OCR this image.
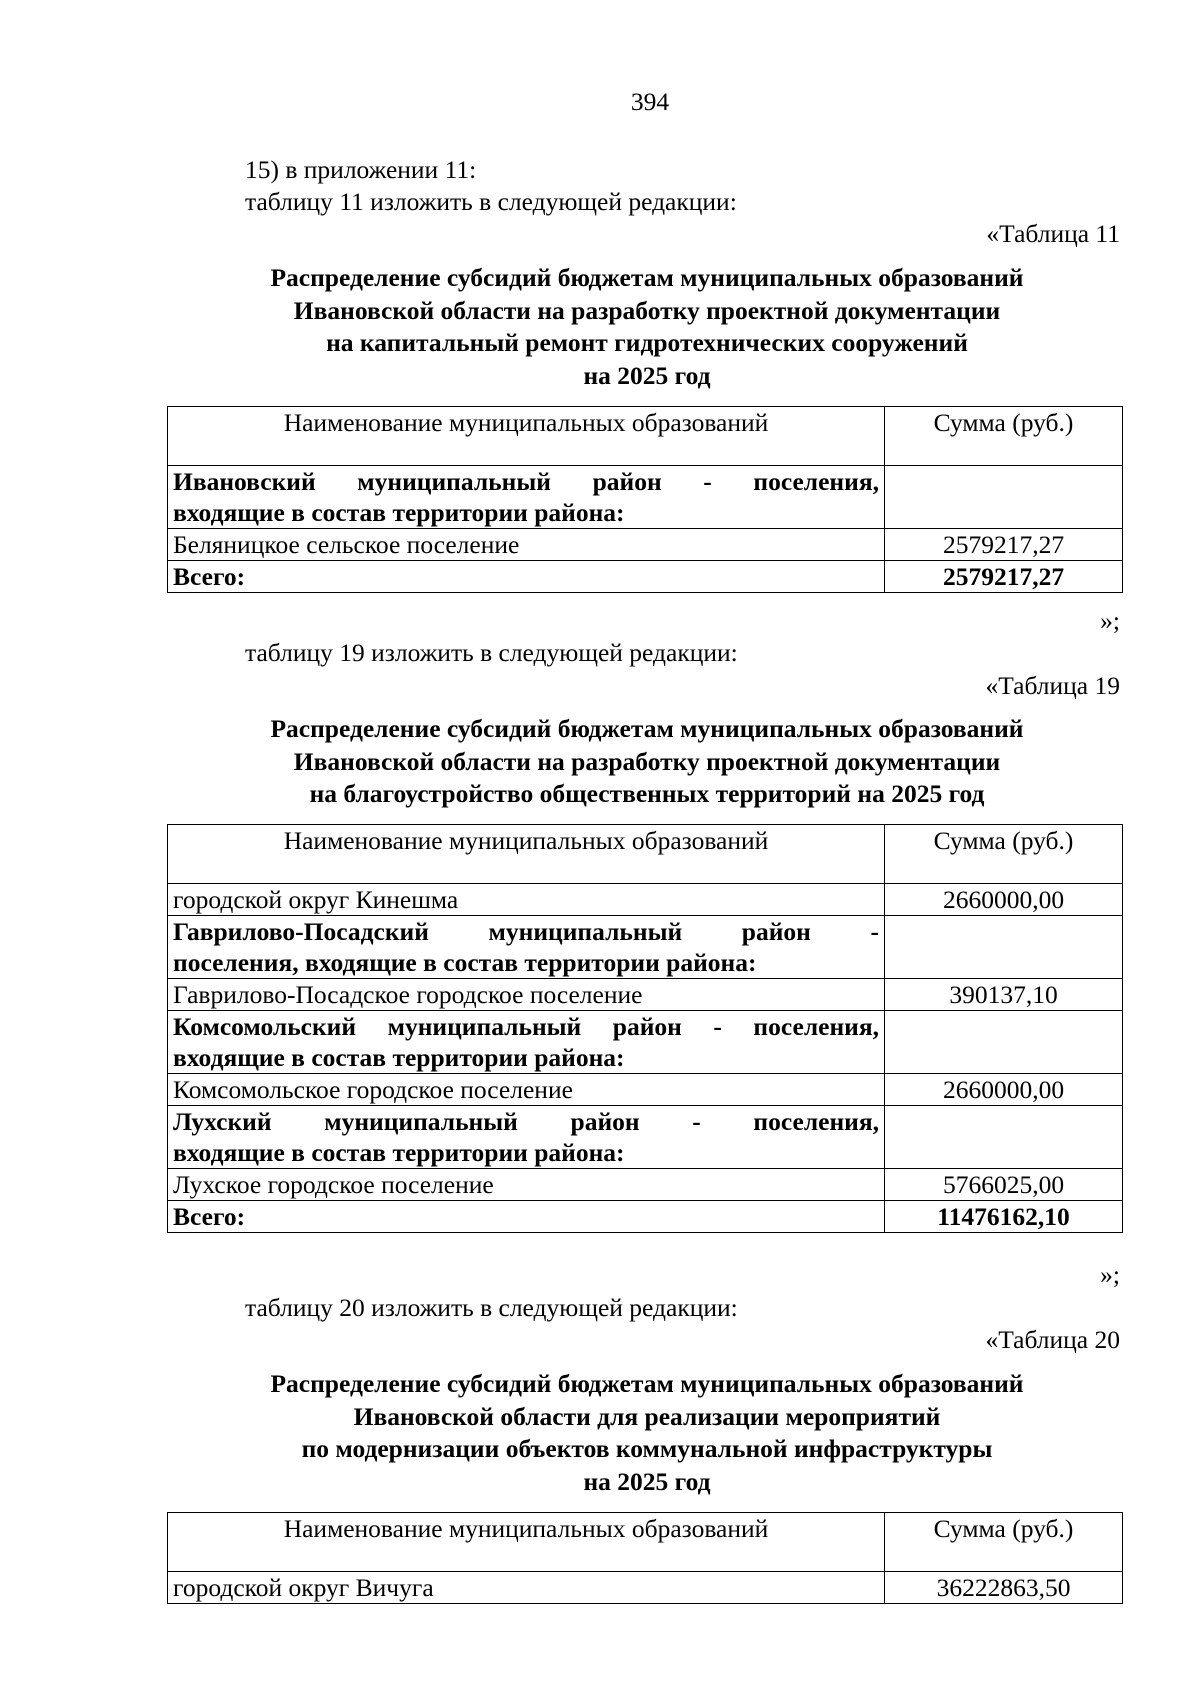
394
15) в приложении 11:
таблицу 11 изложить в следующей редакции:
«Таблица 11
Распределение субсидий бюджетам муниципальных образований
Ивановской области на разработку проектной документации
на капитальный ремонт гидротехнических сооружений
на 2025 год
Наименование муниципальных образований	Сумма (руб.)

Ивановский муниципальный район - поселения,
входящие в состав территории района:	
Беляницкое сельское поселение	2579217,27
Всего:	2579217,27
»;
таблицу 19 изложить в следующей редакции:
«Таблица 19
Распределение субсидий бюджетам муниципальных образований
Ивановской области на разработку проектной документации
на благоустройство общественных территорий на 2025 год
Наименование муниципальных образований	Сумма (руб.)
городской округ Кинешма	2660000,00

Гаврилово-Посадский муниципальный район -
поселения, входящие в состав территории района:	
Гаврилово-Посадское городское поселение	390137,10

Комсомольский муниципальный район - поселения,
входящие в состав территории района:	
Комсомольское городское поселение	2660000,00

Лухский муниципальный район - поселения,
входящие в состав территории района:	
Лухское городское поселение	5766025,00
Всего:	11476162,10
»;
таблицу 20 изложить в следующей редакции:
«Таблица 20
Распределение субсидий бюджетам муниципальных образований
Ивановской области для реализации мероприятий
по модернизации объектов коммунальной инфраструктуры
на 2025 год
Наименование муниципальных образований	Сумма (руб.)
городской округ Вичуга	36222863,50
